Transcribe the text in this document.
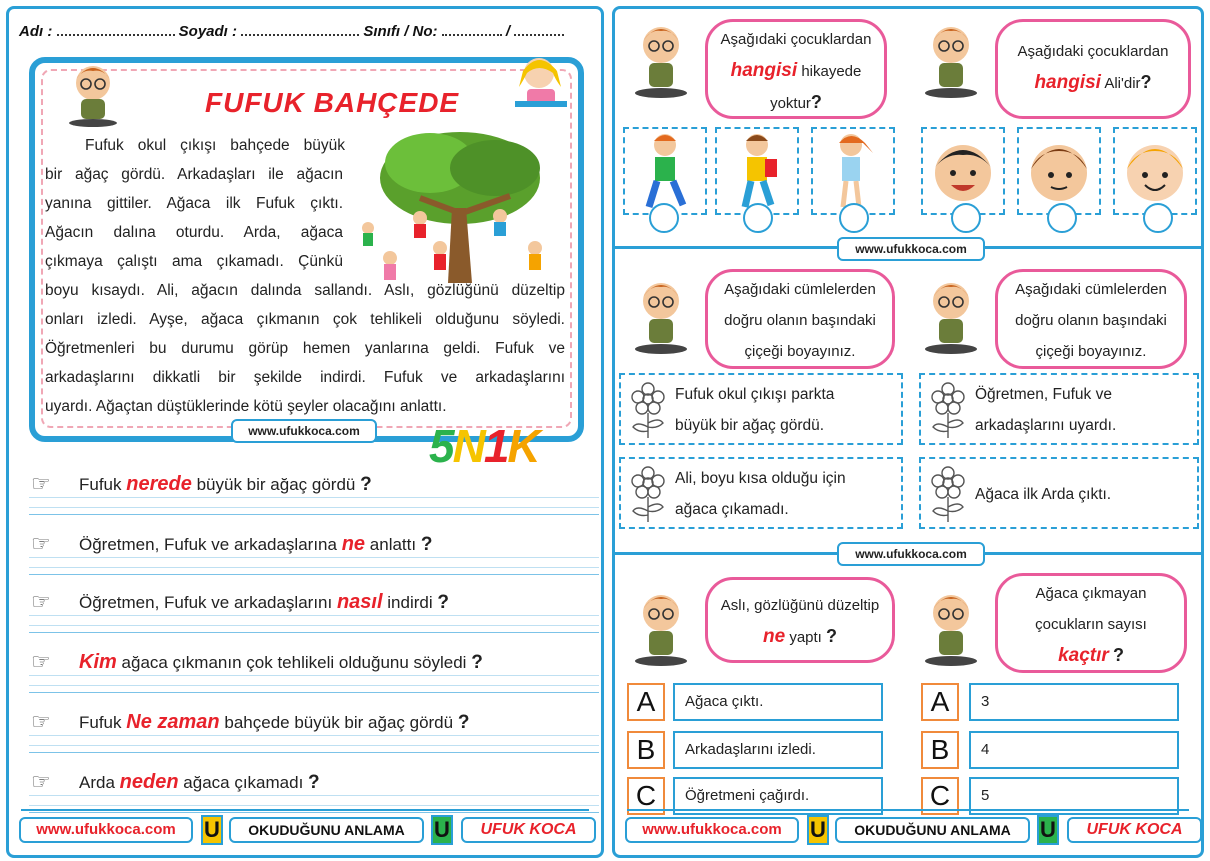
Adı :	Soyadı :	Sınıfı / No:	/
FUFUK BAHÇEDE
Fufuk okul çıkışı bahçede büyük
bir ağaç gördü. Arkadaşları ile ağacın
yanına gittiler. Ağaca ilk Fufuk çıktı.
Ağacın dalına oturdu. Arda, ağaca
çıkmaya çalıştı ama çıkamadı. Çünkü
boyu kısaydı. Ali, ağacın dalında sallandı. Aslı, gözlüğünü düzeltip
onları izledi. Ayşe, ağaca çıkmanın çok tehlikeli olduğunu söyledi.
Öğretmenleri bu durumu görüp hemen yanlarına geldi. Fufuk ve
arkadaşlarını dikkatli bir şekilde indirdi. Fufuk ve arkadaşlarını
uyardı. Ağaçtan düştüklerinde kötü şeyler olacağını anlattı.
www.ufukkoca.com	5N1K
☞ Fufuk nerede büyük bir ağaç gördü ?
☞ Öğretmen, Fufuk ve arkadaşlarına ne anlattı ?
☞ Öğretmen, Fufuk ve arkadaşlarını nasıl indirdi ?
☞ Kim ağaca çıkmanın çok tehlikeli olduğunu söyledi ?
☞ Fufuk Ne zaman bahçede büyük bir ağaç gördü ?
☞ Arda neden ağaca çıkamadı ?
www.ufukkoca.com	U	OKUDUĞUNU ANLAMA	U	UFUK KOCA
Aşağıdaki çocuklardan
hangisi hikayede
yoktur?
Aşağıdaki çocuklardan
hangisi Ali'dir?
www.ufukkoca.com
Aşağıdaki cümlelerden
doğru olanın başındaki
çiçeği boyayınız.
Aşağıdaki cümlelerden
doğru olanın başındaki
çiçeği boyayınız.
Fufuk okul çıkışı parkta
büyük bir ağaç gördü.
Öğretmen, Fufuk ve
arkadaşlarını uyardı.
Ali, boyu kısa olduğu için
ağaca çıkamadı.
Ağaca ilk Arda çıktı.
www.ufukkoca.com
Aslı, gözlüğünü düzeltip
ne yaptı ?
Ağaca çıkmayan
çocukların sayısı
kaçtır ?
A	Ağaca çıktı.
B	Arkadaşlarını izledi.
C	Öğretmeni çağırdı.
A	3
B	4
C	5
www.ufukkoca.com	U	OKUDUĞUNU ANLAMA	U	UFUK KOCA
